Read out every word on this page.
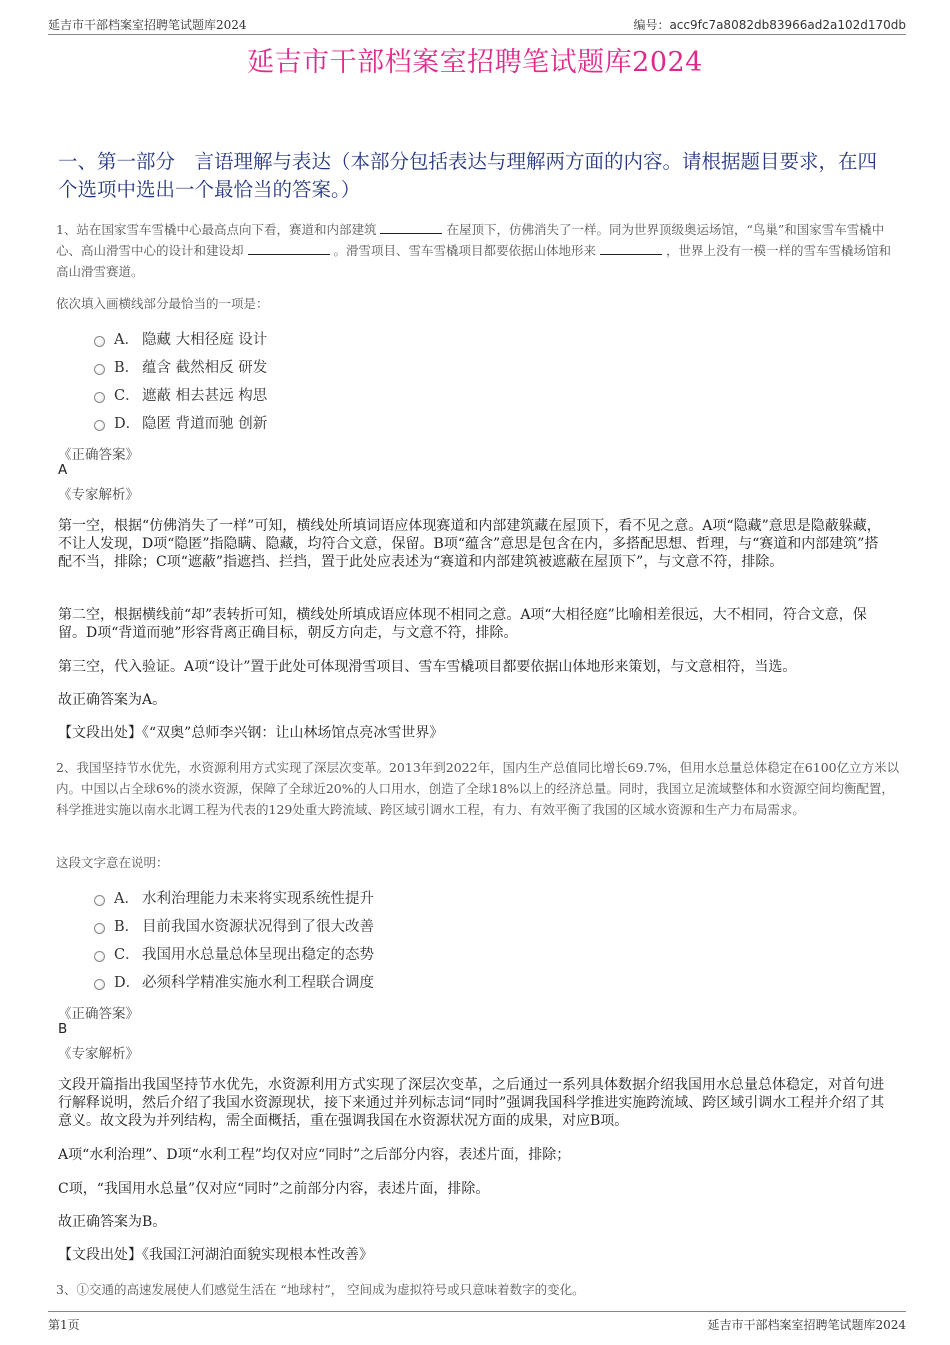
延吉市干部档案室招聘笔试题库2024	编号：acc9fc7a8082db83966ad2a102d170db
延吉市干部档案室招聘笔试题库2024
一、第一部分　言语理解与表达（本部分包括表达与理解两方面的内容。请根据题目要求，在四个选项中选出一个最恰当的答案。）
1、站在国家雪车雪橇中心最高点向下看，赛道和内部建筑	在屋顶下，仿佛消失了一样。同为世界顶级奥运场馆，“鸟巢”和国家雪车雪橇中心、高山滑雪中心的设计和建设却	。滑雪项目、雪车雪橇项目都要依据山体地形来	，世界上没有一模一样的雪车雪橇场馆和高山滑雪赛道。
依次填入画横线部分最恰当的一项是：
A． 隐藏 大相径庭 设计
B． 蕴含 截然相反 研发
C． 遮蔽 相去甚远 构思
D． 隐匿 背道而驰 创新
《正确答案》
A
《专家解析》
第一空，根据“仿佛消失了一样”可知，横线处所填词语应体现赛道和内部建筑藏在屋顶下，看不见之意。A项“隐藏”意思是隐蔽躲藏，不让人发现，D项“隐匿”指隐瞒、隐藏，均符合文意，保留。B项“蕴含”意思是包含在内，多搭配思想、哲理，与“赛道和内部建筑”搭配不当，排除；C项“遮蔽”指遮挡、拦挡，置于此处应表述为“赛道和内部建筑被遮蔽在屋顶下”，与文意不符，排除。
第二空，根据横线前“却”表转折可知，横线处所填成语应体现不相同之意。A项“大相径庭”比喻相差很远，大不相同，符合文意，保留。D项“背道而驰”形容背离正确目标，朝反方向走，与文意不符，排除。
第三空，代入验证。A项“设计”置于此处可体现滑雪项目、雪车雪橇项目都要依据山体地形来策划，与文意相符，当选。
故正确答案为A。
【文段出处】《“双奥”总师李兴钢：让山林场馆点亮冰雪世界》
2、我国坚持节水优先，水资源利用方式实现了深层次变革。2013年到2022年，国内生产总值同比增长69.7%，但用水总量总体稳定在6100亿立方米以内。中国以占全球6%的淡水资源，保障了全球近20%的人口用水，创造了全球18%以上的经济总量。同时，我国立足流域整体和水资源空间均衡配置，科学推进实施以南水北调工程为代表的129处重大跨流域、跨区域引调水工程，有力、有效平衡了我国的区域水资源和生产力布局需求。
这段文字意在说明：
A． 水利治理能力未来将实现系统性提升
B． 目前我国水资源状况得到了很大改善
C． 我国用水总量总体呈现出稳定的态势
D． 必须科学精准实施水利工程联合调度
《正确答案》
B
《专家解析》
文段开篇指出我国坚持节水优先，水资源利用方式实现了深层次变革，之后通过一系列具体数据介绍我国用水总量总体稳定，对首句进行解释说明，然后介绍了我国水资源现状，接下来通过并列标志词“同时”强调我国科学推进实施跨流域、跨区域引调水工程并介绍了其意义。故文段为并列结构，需全面概括，重在强调我国在水资源状况方面的成果，对应B项。
A项“水利治理”、D项“水利工程”均仅对应“同时”之后部分内容，表述片面，排除；
C项，“我国用水总量”仅对应“同时”之前部分内容，表述片面，排除。
故正确答案为B。
【文段出处】《我国江河湖泊面貌实现根本性改善》
3、①交通的高速发展使人们感觉生活在 “地球村”， 空间成为虚拟符号或只意味着数字的变化。
第1页	延吉市干部档案室招聘笔试题库2024
